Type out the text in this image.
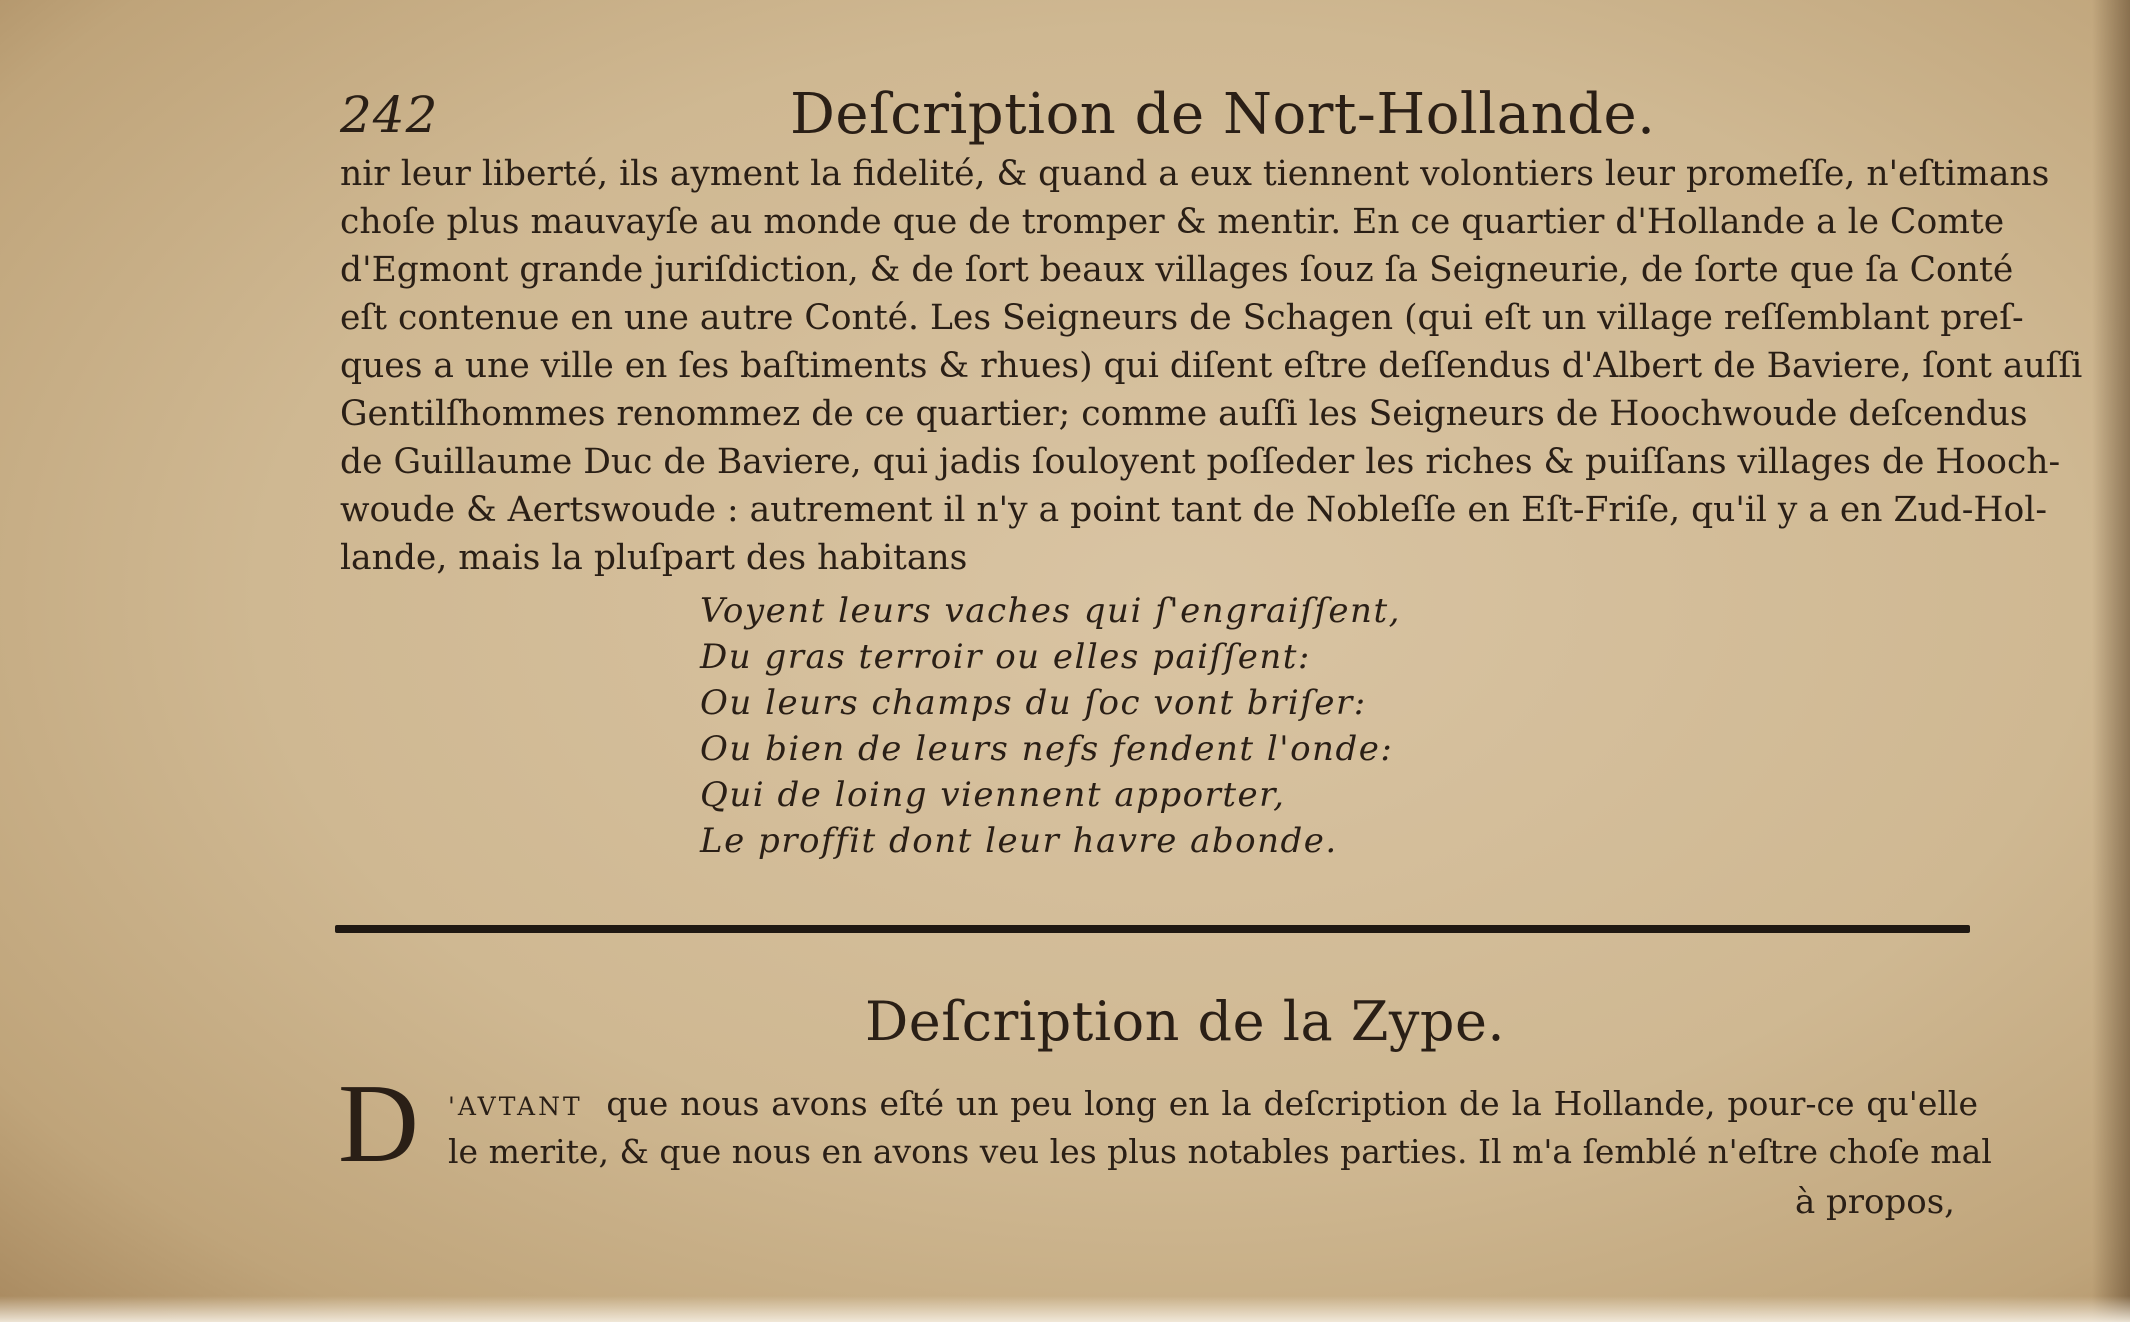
242	Deſcription de Nort-Hollande.
nir leur liberté, ils ayment la fidelité, & quand a eux tiennent volontiers leur promeſſe, n'eſtimans
choſe plus mauvayſe au monde que de tromper & mentir. En ce quartier d'Hollande a le Comte
d'Egmont grande juriſdiction, & de ſort beaux villages ſouz ſa Seigneurie, de ſorte que ſa Conté
eſt contenue en une autre Conté. Les Seigneurs de Schagen (qui eſt un village reſſemblant preſ-
ques a une ville en ſes baſtiments & rhues) qui diſent eſtre deſſendus d'Albert de Baviere, ſont auſſi
Gentilſhommes renommez de ce quartier; comme auſſi les Seigneurs de Hoochwoude deſcendus
de Guillaume Duc de Baviere, qui jadis ſouloyent poſſeder les riches & puiſſans villages de Hooch-
woude & Aertswoude : autrement il n'y a point tant de Nobleſſe en Eſt-Friſe, qu'il y a en Zud-Hol-
lande, mais la pluſpart des habitans
Voyent leurs vaches qui ſ'engraiſſent,
Du gras terroir ou elles paiſſent:
Ou leurs champs du ſoc vont briſer:
Ou bien de leurs nefs fendent l'onde:
Qui de loing viennent apporter,
Le proffit dont leur havre abonde.
Deſcription de la Zype.
D 'AVTANT que nous avons eſté un peu long en la deſcription de la Hollande, pour-ce qu'elle
le merite, & que nous en avons veu les plus notables parties. Il m'a ſemblé n'eſtre choſe mal
à propos,
